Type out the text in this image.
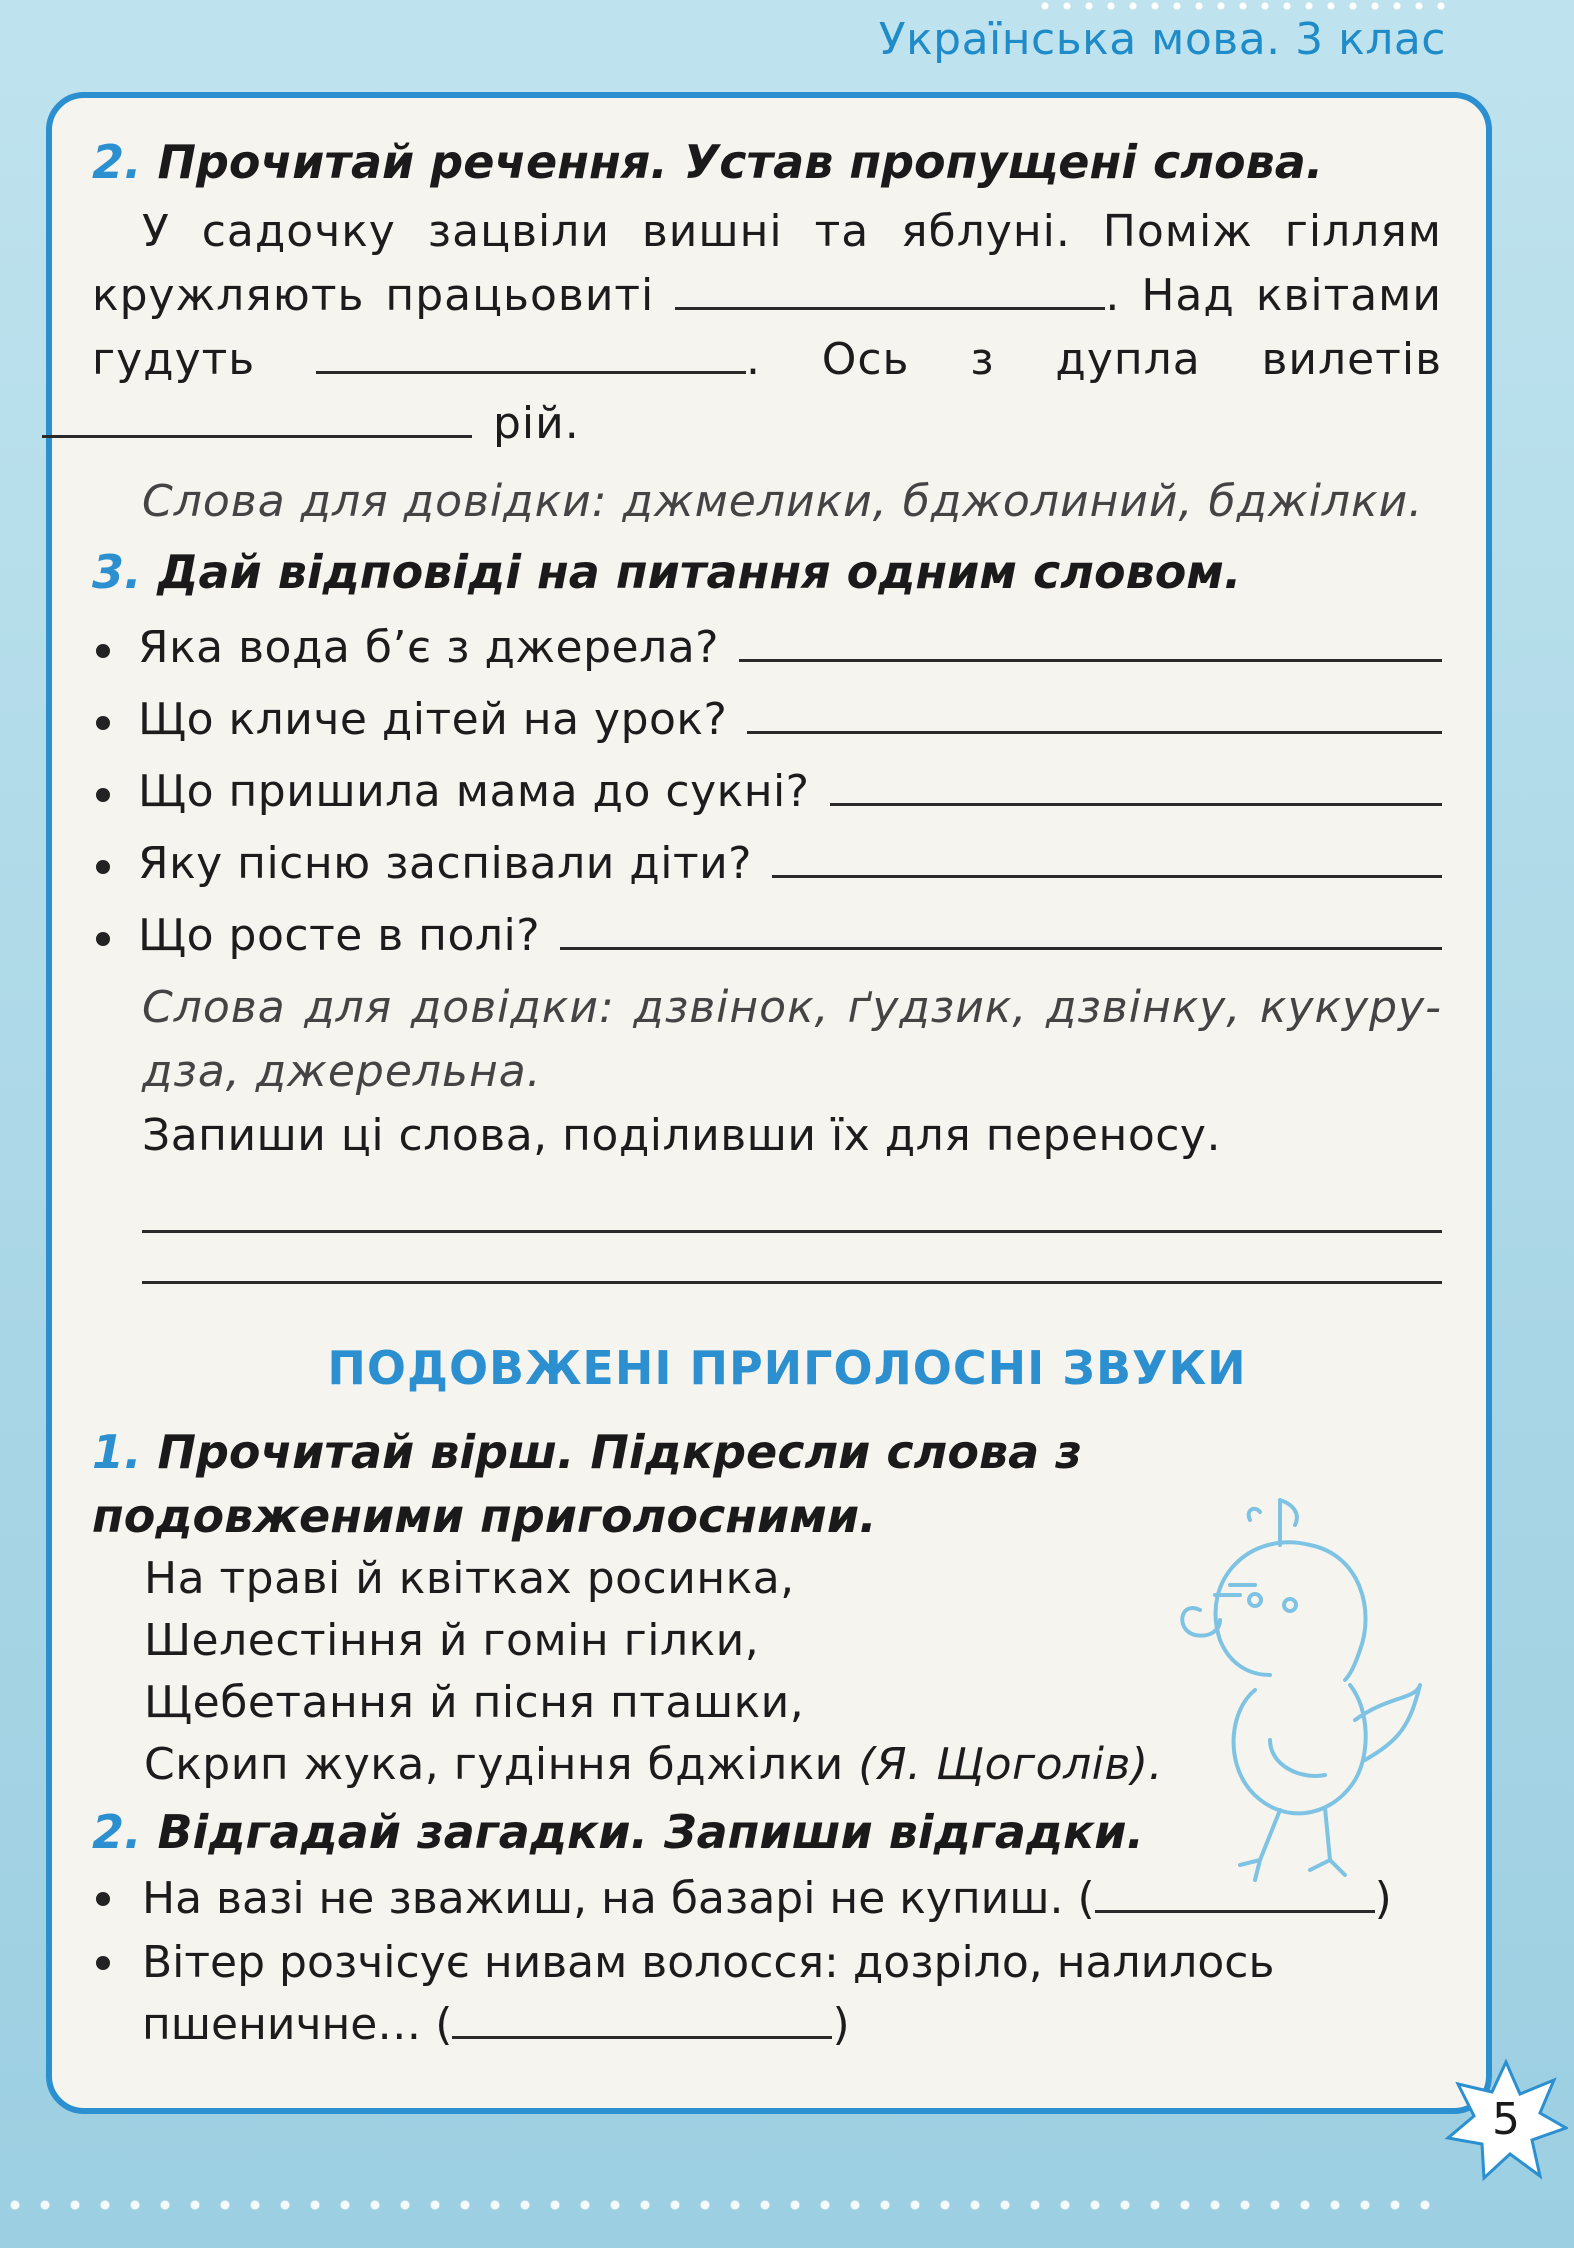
Українська мова. 3 клас

2. Прочитай речення. Устав пропущені слова.

У садочку зацвіли вишні та яблуні. Поміж гіллям кружляють працьовиті	. Над квітами гудуть	. Ось з дупла вилетів  рій.

Слова для довідки: джмелики, бджолиний, бджілки.

3. Дай відповіді на питання одним словом.

Яка вода б’є з джерела?
Що кличе дітей на урок?
Що пришила мама до сукні?
Яку пісню заспівали діти?
Що росте в полі?

Слова для довідки: дзвінок, ґудзик, дзвінку, кукуру-дза, джерельна.

Запиши ці слова, поділивши їх для переносу.

ПОДОВЖЕНІ ПРИГОЛОСНІ ЗВУКИ

1. Прочитай вірш. Підкресли слова з подовженими приголосними.

На траві й квітках росинка,
Шелестіння й гомін гілки,
Щебетання й пісня пташки,
Скрип жука, гудіння бджілки (Я. Щоголів).

2. Відгадай загадки. Запиши відгадки.

На вазі не зважиш, на базарі не купиш. (	)
Вітер розчісує нивам волосся: дозріло, налилось пшеничне… (	)
5
